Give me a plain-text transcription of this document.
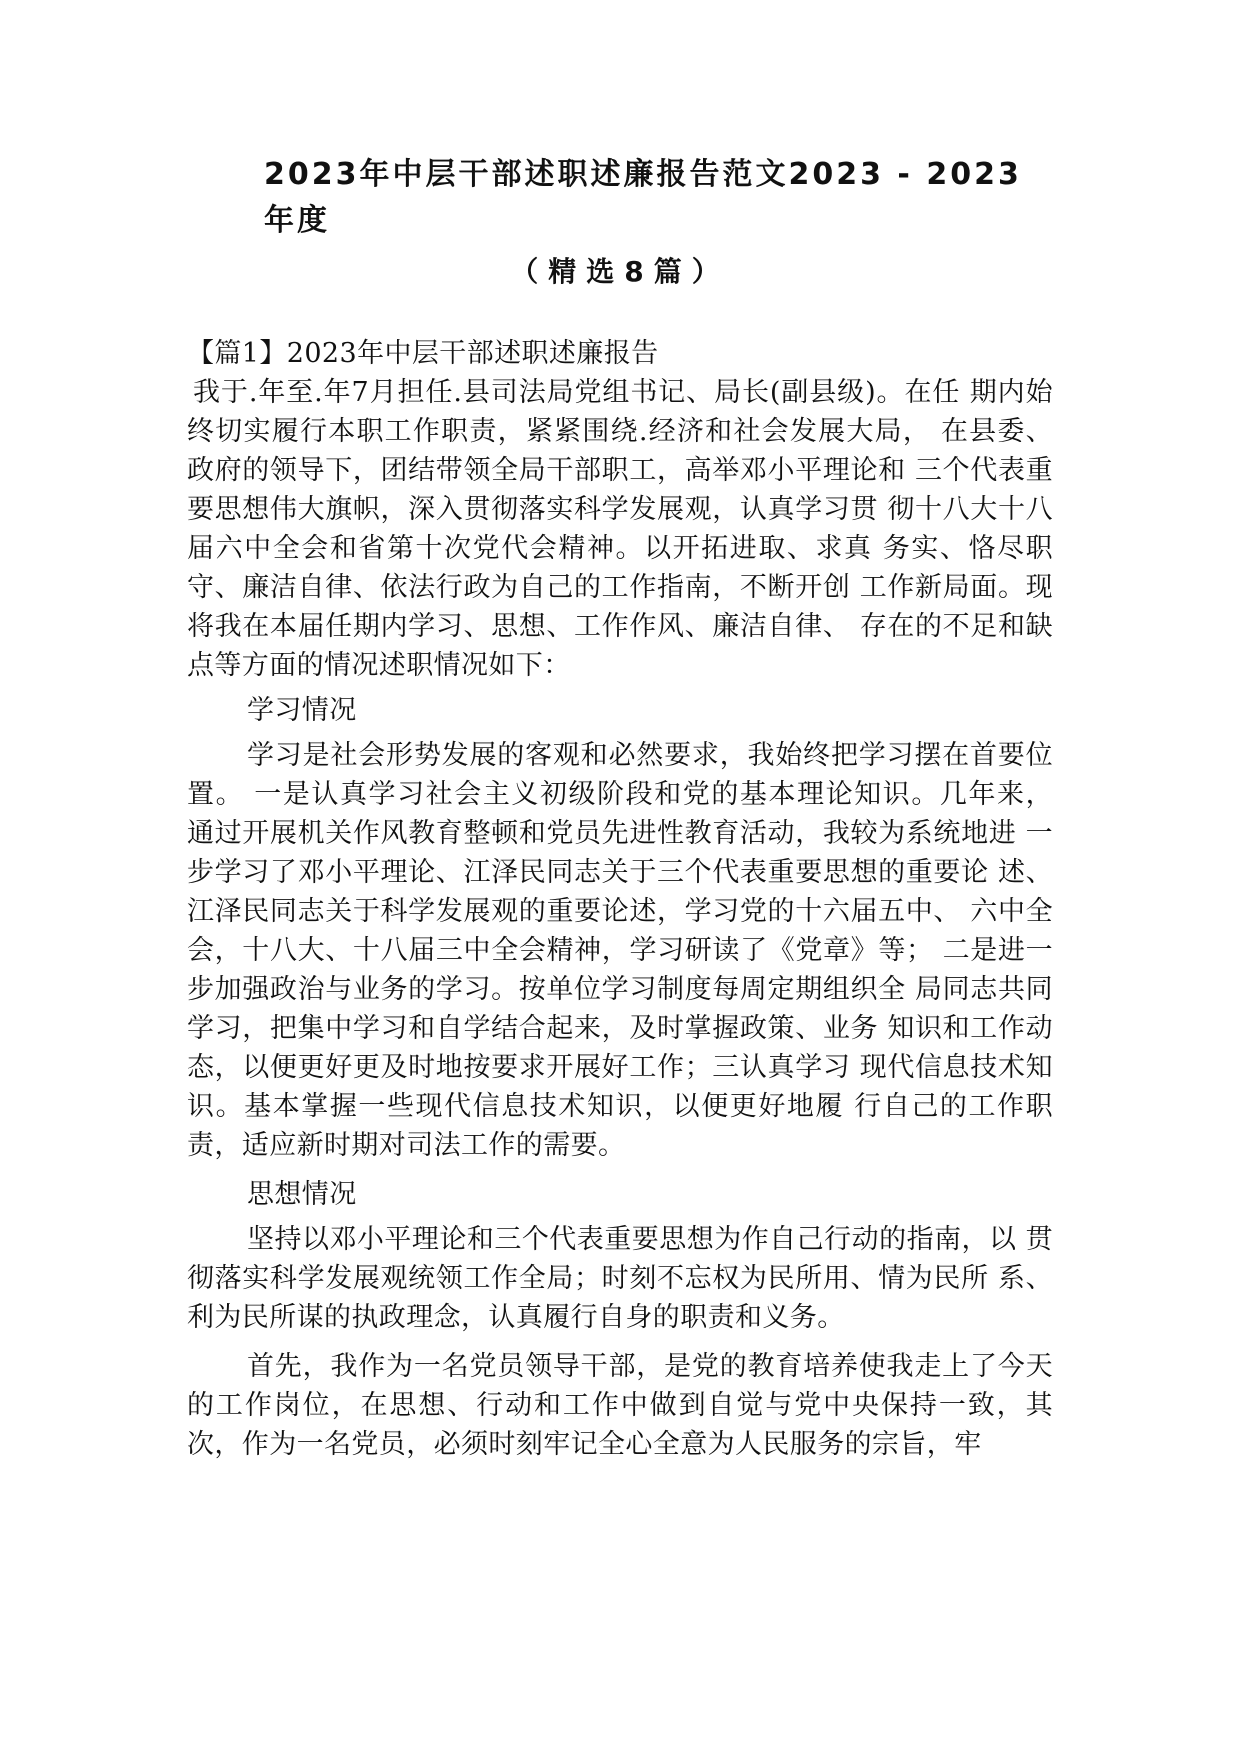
2023年中层干部述职述廉报告范文2023 - 2023年度
（精选8篇）

【篇1】2023年中层干部述职述廉报告

我于.年至.年7月担任.县司法局党组书记、局长(副县级)。在任 期内始终切实履行本职工作职责，紧紧围绕.经济和社会发展大局， 在县委、政府的领导下，团结带领全局干部职工，高举邓小平理论和 三个代表重要思想伟大旗帜，深入贯彻落实科学发展观，认真学习贯 彻十八大十八届六中全会和省第十次党代会精神。以开拓进取、求真 务实、恪尽职守、廉洁自律、依法行政为自己的工作指南，不断开创 工作新局面。现将我在本届任期内学习、思想、工作作风、廉洁自律、 存在的不足和缺点等方面的情况述职情况如下：

学习情况

学习是社会形势发展的客观和必然要求，我始终把学习摆在首要位置。 一是认真学习社会主义初级阶段和党的基本理论知识。几年来， 通过开展机关作风教育整顿和党员先进性教育活动，我较为系统地进 一步学习了邓小平理论、江泽民同志关于三个代表重要思想的重要论 述、江泽民同志关于科学发展观的重要论述，学习党的十六届五中、 六中全会，十八大、十八届三中全会精神，学习研读了《党章》等； 二是进一步加强政治与业务的学习。按单位学习制度每周定期组织全 局同志共同学习，把集中学习和自学结合起来，及时掌握政策、业务 知识和工作动态，以便更好更及时地按要求开展好工作；三认真学习 现代信息技术知识。基本掌握一些现代信息技术知识，以便更好地履 行自己的工作职责，适应新时期对司法工作的需要。

思想情况

坚持以邓小平理论和三个代表重要思想为作自己行动的指南，以 贯彻落实科学发展观统领工作全局；时刻不忘权为民所用、情为民所 系、利为民所谋的执政理念，认真履行自身的职责和义务。

首先，我作为一名党员领导干部，是党的教育培养使我走上了今天的工作岗位，在思想、行动和工作中做到自觉与党中央保持一致，其次，作为一名党员，必须时刻牢记全心全意为人民服务的宗旨，牢
